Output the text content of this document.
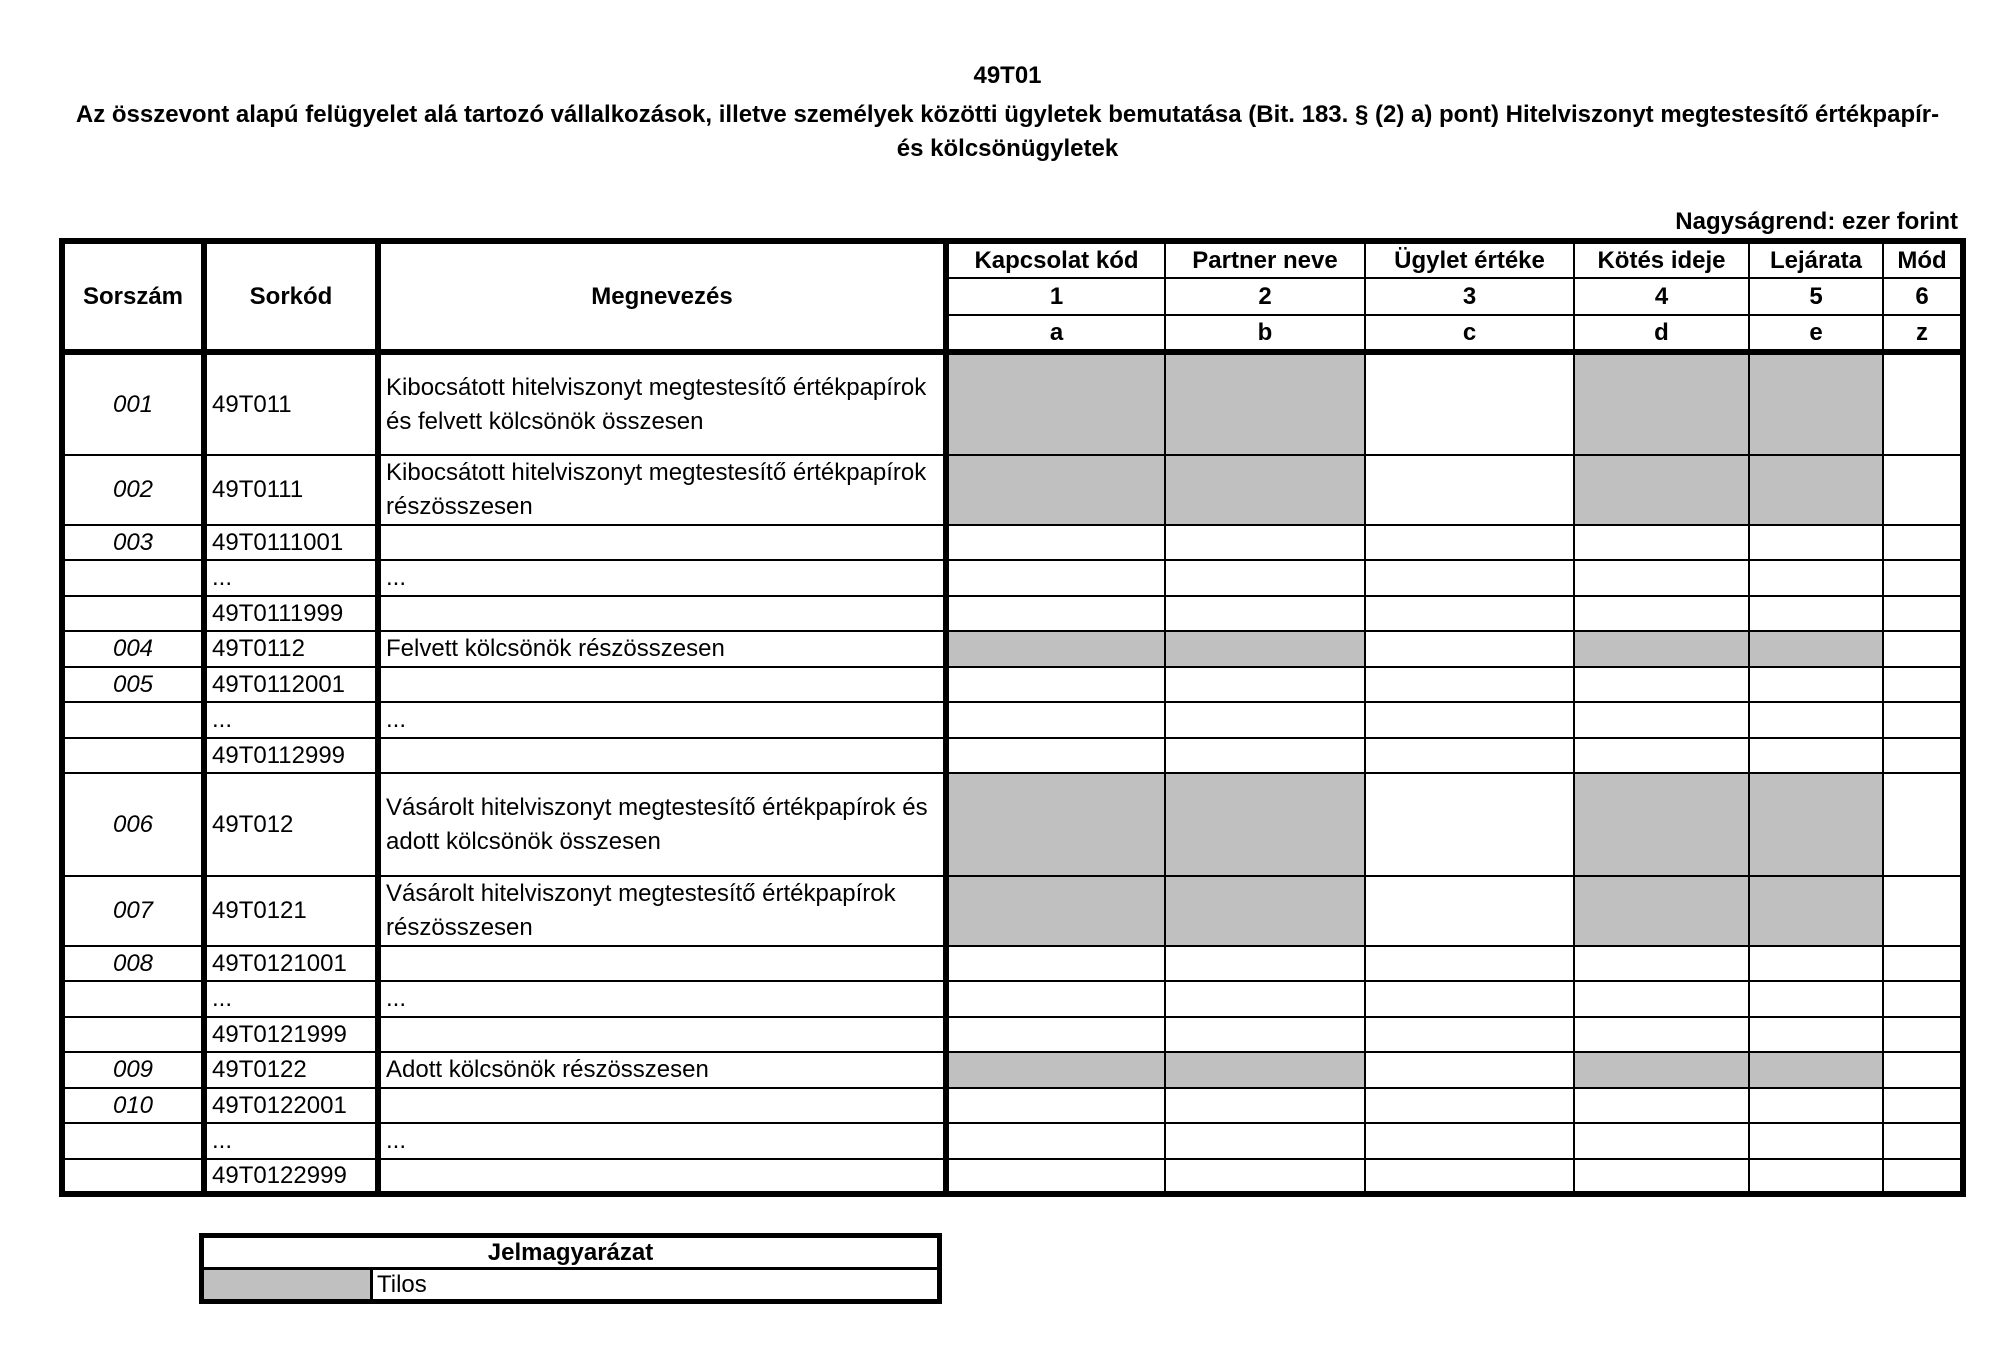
49T01
Az összevont alapú felügyelet alá tartozó vállalkozások, illetve személyek közötti ügyletek bemutatása (Bit. 183. § (2) a) pont) Hitelviszonyt megtestesítő értékpapír- és kölcsönügyletek
Nagyságrend: ezer forint
Sorszám	Sorkód	Megnevezés	Kapcsolat kód	Partner neve	Ügylet értéke	Kötés ideje	Lejárata	Mód
			1	2	3	4	5	6
			a	b	c	d	e	z
001	49T011	Kibocsátott hitelviszonyt megtestesítő értékpapírok és felvett kölcsönök összesen						
002	49T0111	Kibocsátott hitelviszonyt megtestesítő értékpapírok részösszesen						
003	49T0111001							
	...	...						
	49T0111999							
004	49T0112	Felvett kölcsönök részösszesen						
005	49T0112001							
	...	...						
	49T0112999							
006	49T012	Vásárolt hitelviszonyt megtestesítő értékpapírok és adott kölcsönök összesen						
007	49T0121	Vásárolt hitelviszonyt megtestesítő értékpapírok részösszesen						
008	49T0121001							
	...	...						
	49T0121999							
009	49T0122	Adott kölcsönök részösszesen						
010	49T0122001							
	...	...						
	49T0122999							
Jelmagyarázat
	Tilos
